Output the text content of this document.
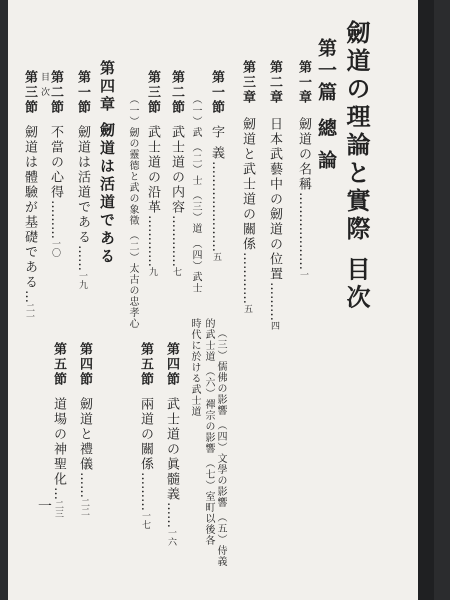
劒道の理論と實際 目次
第一篇總 論
第一章劒道の名稱………………一
第二章日本武藝中の劒道の位置………四
第三章劒道と武士道の關係…………五
第一節字 義…………………五
（一）武 （二）士 （三）道 （四）武士
第二節武士道の内容…………七
第三節武士道の沿革…………九
（一）劒の靈德と武の象徵 （二）太古の忠孝心
第四章劒道は活道である
第一節劒道は活道である……一九
第二節不當の心得………一〇
第三節劒道は體驗が基礎である…二一
（三）儒佛の影響 （四）文學の影響 （五）侍義
的武士道 （六）禪宗の影響 （七）室町以後各
時代に於ける武士道
第四節武士道の眞髓義……一六
第五節兩道の關係………一七
第四節劒道と禮儀……二二
第五節道場の神聖化…二三
目次
一
